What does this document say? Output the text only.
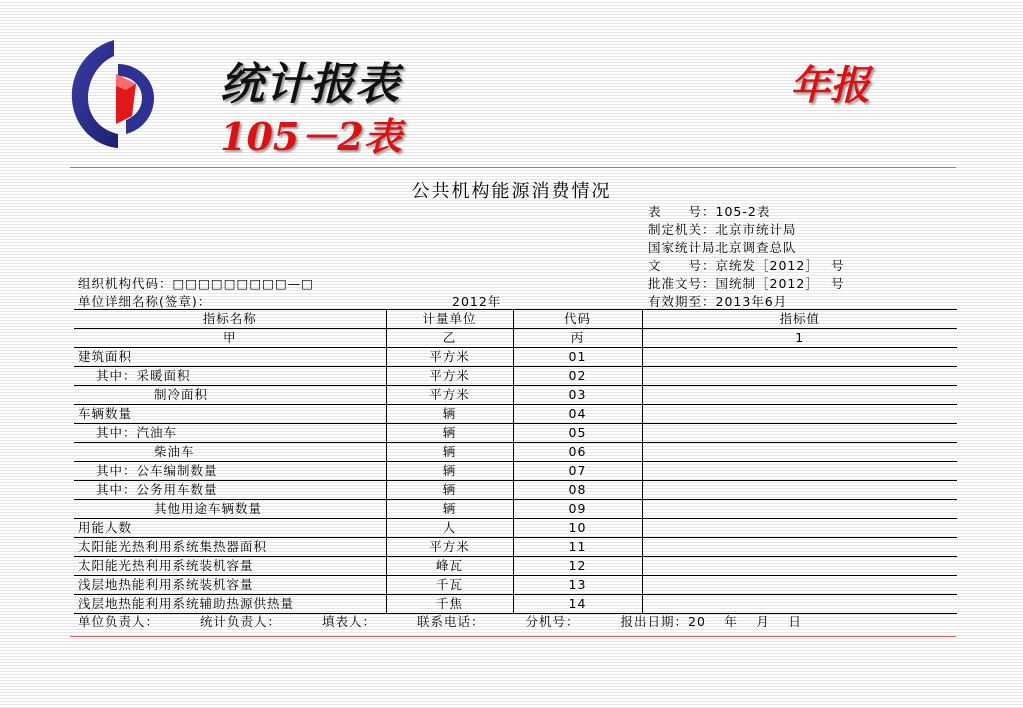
统计报表
105－2表
年报
公共机构能源消费情况
表　　号：105-2表
制定机关：北京市统计局
国家统计局北京调查总队
文　　号：京统发［2012］　 号
批准文号：国统制［2012］　 号
有效期至：2013年6月
组织机构代码：□□□□□□□□□—□
单位详细名称(签章)：	2012年
指标名称	计量单位	代码	指标值
甲	乙	丙	1
建筑面积	平方米	01	
其中：采暖面积	平方米	02	
制冷面积	平方米	03	
车辆数量	辆	04	
其中：汽油车	辆	05	
柴油车	辆	06	
其中：公车编制数量	辆	07	
其中：公务用车数量	辆	08	
其他用途车辆数量	辆	09	
用能人数	人	10	
太阳能光热利用系统集热器面积	平方米	11	
太阳能光热利用系统装机容量	峰瓦	12	
浅层地热能利用系统装机容量	千瓦	13	
浅层地热能利用系统辅助热源供热量	千焦	14	
单位负责人：	统计负责人：	填表人：	联系电话：	分机号：	报出日期：20　 年　 月　 日
